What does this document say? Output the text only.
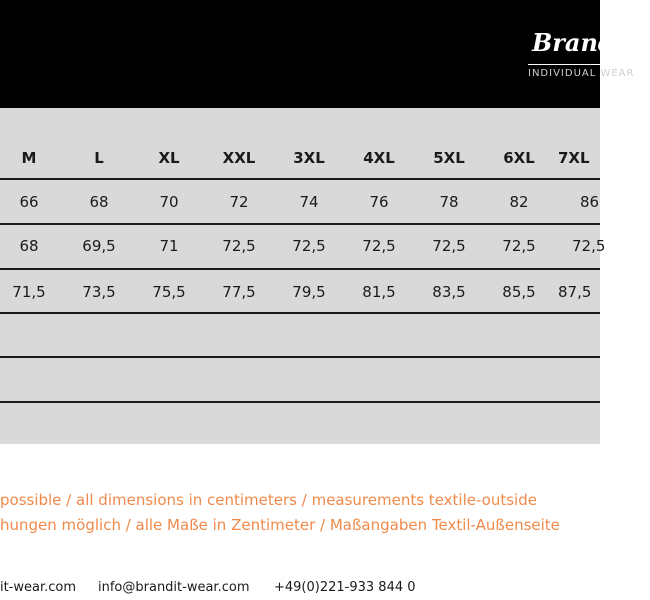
Brandit
INDIVIDUAL WEAR
M	L	XL	XXL	3XL	4XL	5XL	6XL	7XL
66	68	70	72	74	76	78	82	86
68	69,5	71	72,5	72,5	72,5	72,5	72,5	72,5
71,5	73,5	75,5	77,5	79,5	81,5	83,5	85,5	87,5
possible / all dimensions in centimeters / measurements textile-outside
hungen möglich / alle Maße in Zentimeter / Maßangaben Textil-Außenseite
it-wear.com info@brandit-wear.com +49(0)221-933 844 0
